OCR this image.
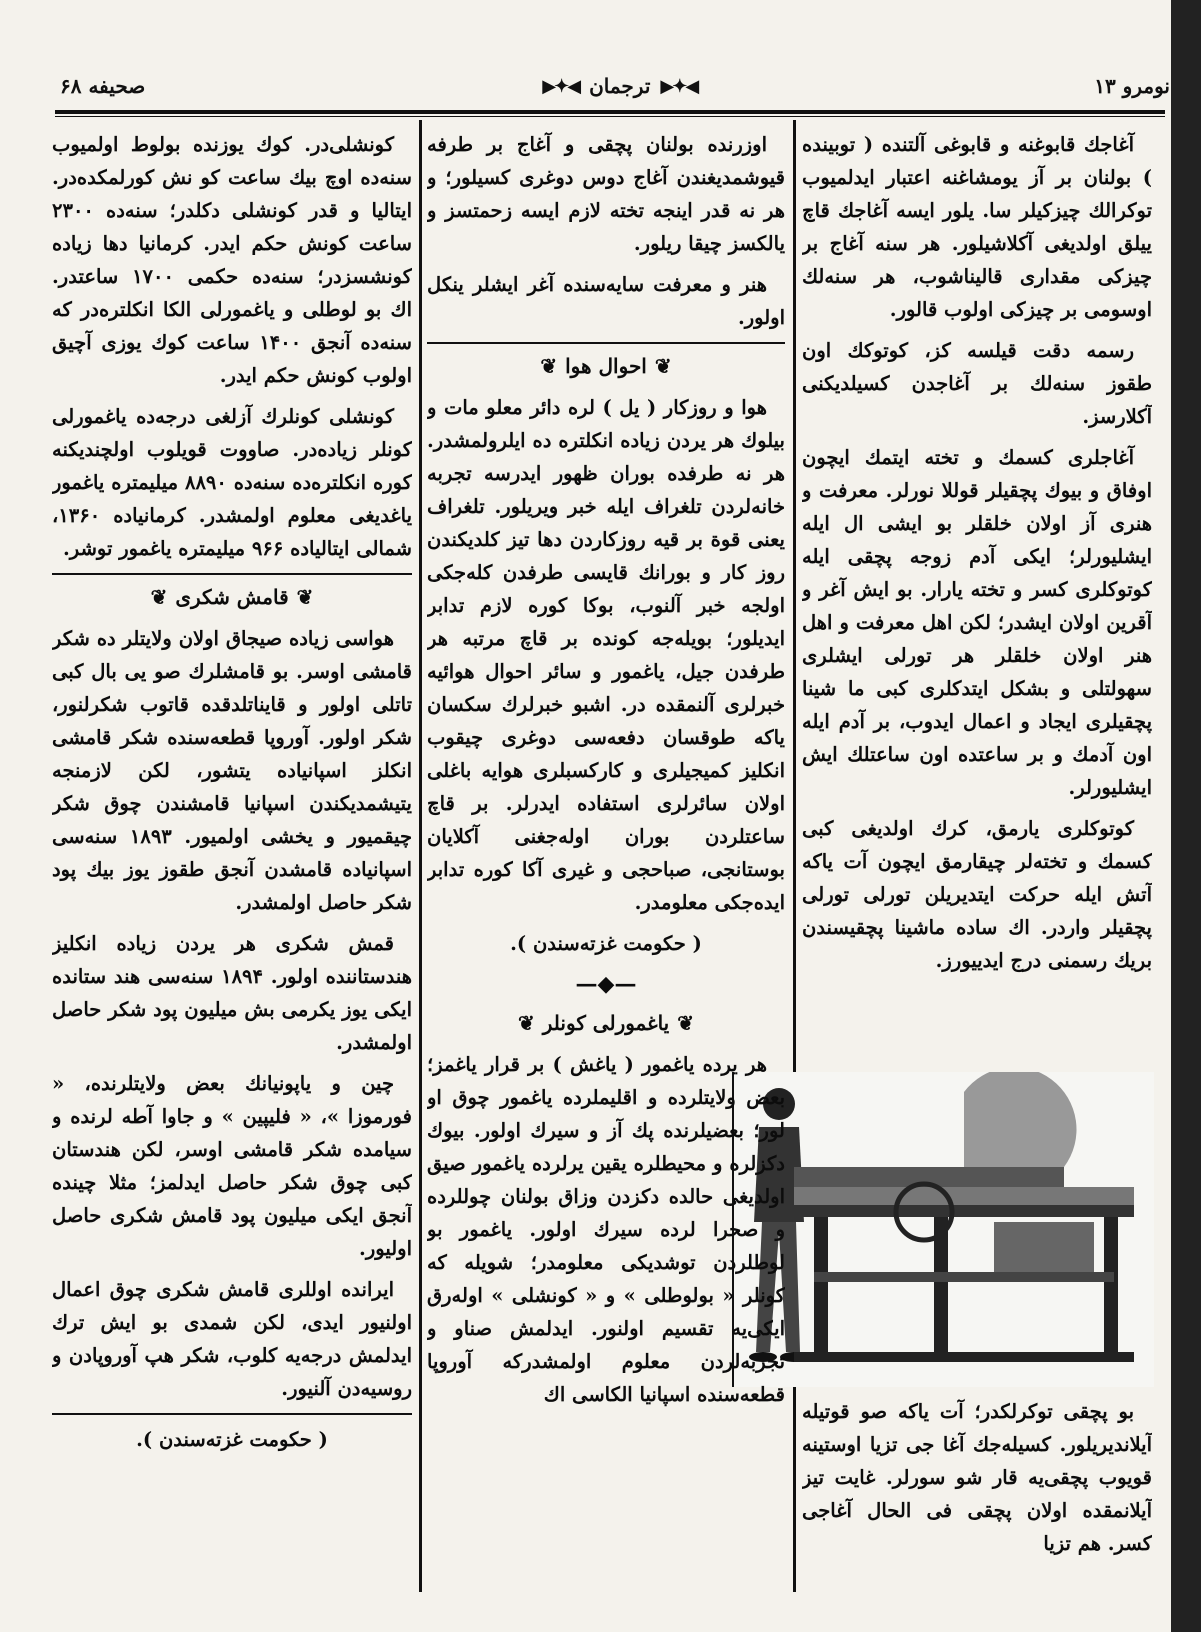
نومرو ۱۳
◀✦▶
ترجمان
◀✦▶
صحیفه ۶۸

آغاجك قابوغنه و قابوغی آلتنده ( توبینده ) بولنان بر آز یومشاغنه اعتبار ایدلمیوب توکرالك چیزکیلر سا. یلور ایسه آغاجك قاچ ییلق اولدیغی آکلاشیلور. هر سنه آغاج بر چیزکی مقداری قالیناشوب، هر سنه‌لك اوسومی بر چیزکی اولوب قالور.

رسمه دقت قیلسه کز، کوتوکك اون طقوز سنه‌لك بر آغاجدن کسیلدیکنی آکلارسز.

آغاجلری کسمك و تخته ایتمك ایچون اوفاق و بیوك پچقیلر قوللا نورلر. معرفت و هنری آز اولان خلقلر بو ایشی ال ایله ایشلیورلر؛ ایکی آدم زوجه پچقی ایله کوتوکلری کسر و تخته یارار. بو ایش آغر و آقرین اولان ایشدر؛ لکن اهل معرفت و اهل هنر اولان خلقلر هر تورلی ایشلری سهولتلی و بشکل ایتدکلری کبی ما شینا پچقیلری ایجاد و اعمال ایدوب، بر آدم ایله اون آدمك و بر ساعتده اون ساعتلك ایش ایشلیورلر.

کوتوکلری یارمق، کرك اولدیغی کبی کسمك و تخته‌لر چیقارمق ایچون آت یاکه آتش ایله حرکت ایتدیریلن تورلی تورلی پچقیلر واردر. اك ساده ماشینا پچقیسندن بریك رسمنی درج ایدییورز.

بو پچقی توکرلکدر؛ آت یاکه صو قوتیله آیلاندیریلور. کسیله‌جك آغا جی تزیا اوستینه قویوب پچقی‌یه قار شو سورلر. غایت تیز آیلانمقده اولان پچقی فی الحال آغاجی کسر. هم تزیا

اوزرنده بولنان پچقی و آغاج بر طرفه قیوشمدیغندن آغاج دوس دوغری کسیلور؛ و هر نه قدر اینجه تخته لازم ایسه زحمتسز و یالکسز چیقا ریلور.

هنر و معرفت سایه‌سنده آغر ایشلر ینکل اولور.

❦
احوال هوا
❦

هوا و روزکار ( یل ) لره دائر معلو مات و بیلوك هر یردن زیاده انکلتره ده ایلرولمشدر. هر نه طرفده بوران ظهور ایدرسه تجربه خانه‌لردن تلغراف ایله خبر ویریلور. تلغراف یعنی قوة بر قیه روزکاردن دها تیز کلدیکندن روز کار و بورانك قایسی طرفدن کله‌جکی اولجه خبر آلنوب، بوکا کوره لازم تدابر ایدیلور؛ بویله‌جه کونده بر قاچ مرتبه هر طرفدن جیل، یاغمور و سائر احوال هوائیه خبرلری آلنمقده در. اشبو خبرلرك سکسان یاکه طوقسان دفعه‌سی دوغری چیقوب انکلیز کمیجیلری و کارکسبلری هوایه باغلی اولان سائرلری استفاده ایدرلر. بر قاچ ساعتلردن بوران اوله‌جغنی آکلایان بوستانجی، صباحجی و غیری آکا کوره تدابر ایده‌جکی معلومدر.

( حکومت غزته‌سندن ).
—◆—
❦
یاغمورلی کونلر
❦

هر یرده یاغمور ( یاغش ) بر قرار یاغمز؛ بعض ولایتلرده و اقلیملرده یاغمور چوق او لور؛ بعضیلرنده پك آز و سیرك اولور. بیوك دکزلره و محیطلره یقین یرلرده یاغمور صیق اولدیغی حالده دکزدن وزاق بولنان چوللرده و صحرا لرده سیرك اولور. یاغمور بو لوطلردن توشدیکی معلومدر؛ شویله که کونلر « بولوطلی » و « کونشلی » اوله‌رق ایکی‌یه تقسیم اولنور. ایدلمش صناو و تجربه‌لردن معلوم اولمشدرکه آوروپا قطعه‌سنده اسپانیا الکاسی اك

کونشلی‌در. کوك یوزنده بولوط اولمیوب سنه‌ده اوچ بیك ساعت کو نش کورلمکده‌در. ایتالیا و قدر کونشلی دکلدر؛ سنه‌ده ۲۳۰۰ ساعت کونش حکم ایدر. کرمانیا دها زیاده کونشسزدر؛ سنه‌ده حکمی ۱۷۰۰ ساعتدر. اك بو لوطلی و یاغمورلی الکا انکلتره‌در که سنه‌ده آنجق ۱۴۰۰ ساعت کوك یوزی آچیق اولوب کونش حکم ایدر.

کونشلی کونلرك آزلغی درجه‌ده یاغمورلی کونلر زیاده‌در. صاووت قویلوب اولچندیکنه کوره انکلتره‌ده سنه‌ده ۸۸۹۰ میلیمتره یاغمور یاغدیغی معلوم اولمشدر. کرمانیاده ۱۳۶۰، شمالی ایتالیاده ۹۶۶ میلیمتره یاغمور توشر.

❦
قامش شکری
❦

هواسی زیاده صیجاق اولان ولایتلر ده شکر قامشی اوسر. بو قامشلرك صو یی بال کبی تاتلی اولور و قایناتلدقده قاتوب شکرلنور، شکر اولور. آوروپا قطعه‌سنده شکر قامشی انکلز اسپانیاده یتشور، لکن لازمنجه یتیشمدیکندن اسپانیا قامشندن چوق شکر چیقمیور و یخشی اولمیور. ۱۸۹۳ سنه‌سی اسپانیاده قامشدن آنجق طقوز یوز بیك پود شکر حاصل اولمشدر.

قمش شکری هر یردن زیاده انکلیز هندستاننده اولور. ۱۸۹۴ سنه‌سی هند ستانده ایکی یوز یکرمی بش میلیون پود شکر حاصل اولمشدر.

چین و یاپونیانك بعض ولایتلرنده، « فورموزا »، « فلیپین » و جاوا آطه لرنده و سیامده شکر قامشی اوسر، لکن هندستان کبی چوق شکر حاصل ایدلمز؛ مثلا چینده آنجق ایکی میلیون پود قامش شکری حاصل اولیور.

ایرانده اوللری قامش شکری چوق اعمال اولنیور ایدی، لکن شمدی بو ایش ترك ایدلمش درجه‌یه کلوب، شکر هپ آوروپادن و روسیه‌دن آلنیور.

( حکومت غزته‌سندن ).
